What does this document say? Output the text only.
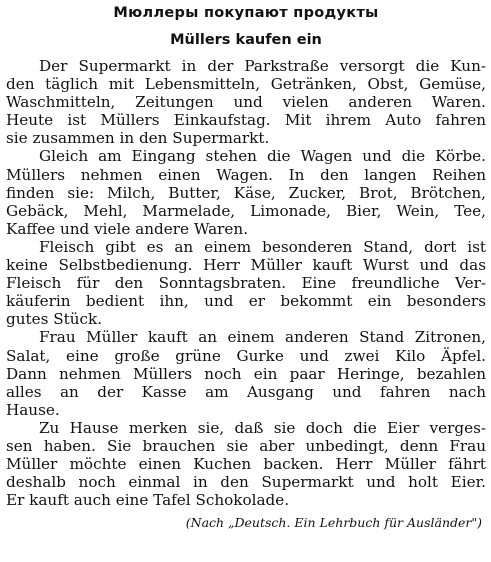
Мюллеры покупают продукты
Müllers kaufen ein
Der Supermarkt in der Parkstraße versorgt die Kun-
den täglich mit Lebensmitteln, Getränken, Obst, Gemüse,
Waschmitteln, Zeitungen und vielen anderen Waren.
Heute ist Müllers Einkaufstag. Mit ihrem Auto fahren
sie zusammen in den Supermarkt.
Gleich am Eingang stehen die Wagen und die Körbe.
Müllers nehmen einen Wagen. In den langen Reihen
finden sie: Milch, Butter, Käse, Zucker, Brot, Brötchen,
Gebäck, Mehl, Marmelade, Limonade, Bier, Wein, Tee,
Kaffee und viele andere Waren.
Fleisch gibt es an einem besonderen Stand, dort ist
keine Selbstbedienung. Herr Müller kauft Wurst und das
Fleisch für den Sonntagsbraten. Eine freundliche Ver-
käuferin bedient ihn, und er bekommt ein besonders
gutes Stück.
Frau Müller kauft an einem anderen Stand Zitronen,
Salat, eine große grüne Gurke und zwei Kilo Äpfel.
Dann nehmen Müllers noch ein paar Heringe, bezahlen
alles an der Kasse am Ausgang und fahren nach
Hause.
Zu Hause merken sie, daß sie doch die Eier verges-
sen haben. Sie brauchen sie aber unbedingt, denn Frau
Müller möchte einen Kuchen backen. Herr Müller fährt
deshalb noch einmal in den Supermarkt und holt Eier.
Er kauft auch eine Tafel Schokolade.
(Nach „Deutsch. Ein Lehrbuch für Ausländer")
